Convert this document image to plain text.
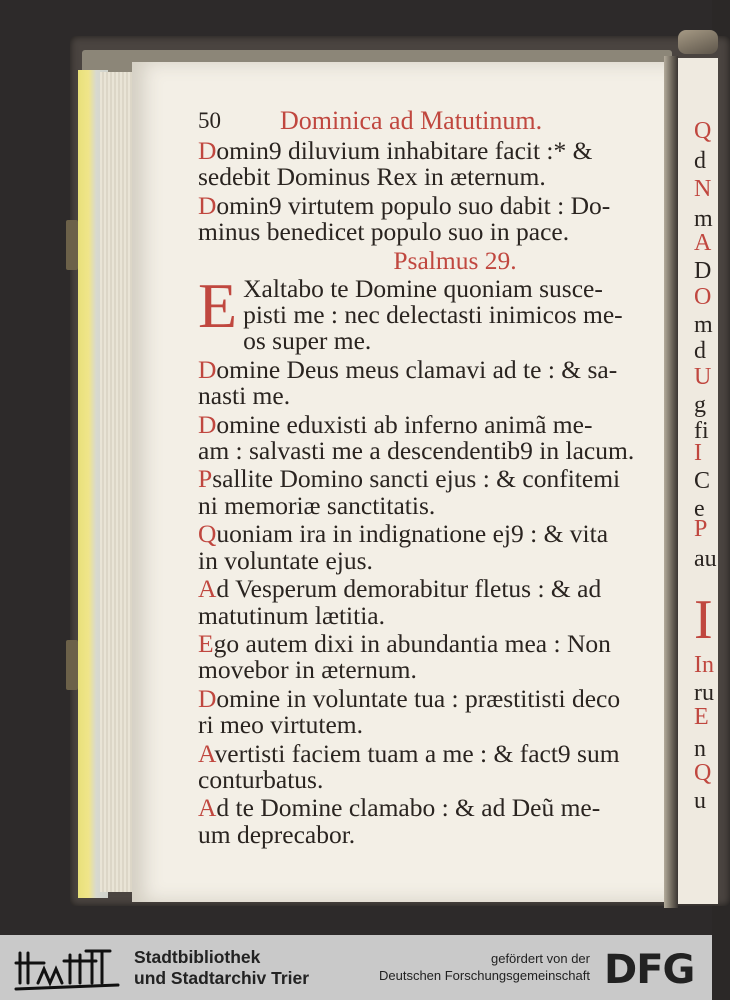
50 Dominica ad Matutinum.
Domin9 diluvium inhabitare facit :* &
sedebit Dominus Rex in æternum.
Domin9 virtutem populo suo dabit : Do-
minus benedicet populo suo in pace.
Psalmus 29.
E Xaltabo te Domine quoniam susce-
pisti me : nec delectasti inimicos me-
os super me.
Domine Deus meus clamavi ad te : & sa-
nasti me.
Domine eduxisti ab inferno animã me-
am : salvasti me a descendentib9 in lacum.
Psallite Domino sancti ejus : & confitemi
ni memoriæ sanctitatis.
Quoniam ira in indignatione ej9 : & vita
in voluntate ejus.
Ad Vesperum demorabitur fletus : & ad
matutinum lætitia.
Ego autem dixi in abundantia mea : Non
movebor in æternum.
Domine in voluntate tua : præstitisti deco
ri meo virtutem.
Avertisti faciem tuam a me : & fact9 sum
conturbatus.
Ad te Domine clamabo : & ad Deũ me-
um deprecabor.
Q
d
N
m
A
D
O
m
d
U
g
fi
I
C
e
P
au
I
In
ru
E
n
Q
u
Stadtbibliothek
und Stadtarchiv Trier
gefördert von der
Deutschen Forschungsgemeinschaft DFG
